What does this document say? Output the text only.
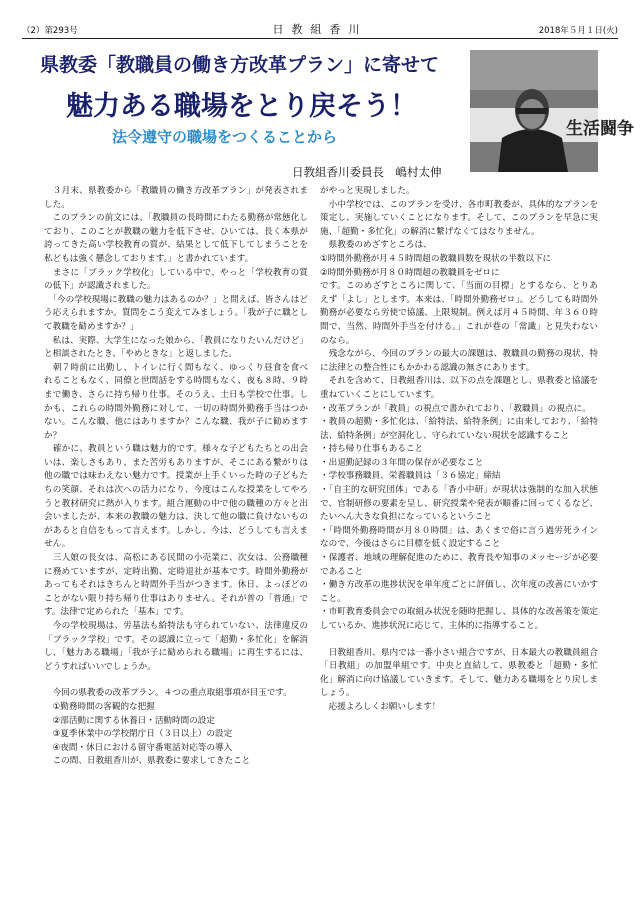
（2）第293号	日教組香川	2018年５月１日(火)
県教委「教職員の働き方改革プラン」に寄せて
魅力ある職場をとり戻そう！
法令遵守の職場をつくることから
日教組香川委員長　嶋村太伸
生活闘争

　３月末、県教委から「教職員の働き方改革プラン」が発表されました。

　このプランの前文には、「教職員の長時間にわたる勤務が常態化しており、このことが教職の魅力を低下させ、ひいては、長く本県が誇ってきた高い学校教育の質が、結果として低下してしまうことを私どもは強く懸念しております。」と書かれています。

　まさに「ブラック学校化」している中で、やっと「学校教育の質の低下」が認識されました。

　「今の学校現場に教職の魅力はあるのか？」と問えば、皆さんはどう応えられますか。質問をこう変えてみましょう。「我が子に職として教職を勧めますか？」

　私は、実際、大学生になった娘から、「教員になりたいんだけど」と相談されたとき、「やめときな」と返しました。

　朝７時前に出勤し、トイレに行く間もなく、ゆっくり昼食を食べれることもなく、同僚と世間話をする時間もなく、夜も８時、９時まで働き、さらに持ち帰り仕事。そのうえ、土日も学校で仕事。しかも、これらの時間外勤務に対して、一切の時間外勤務手当はつかない。こんな職、他にはありますか？こんな職、我が子に勧めますか？

　確かに、教員という職は魅力的です。様々な子どもたちとの出会いは、楽しさもあり、また苦労もありますが、そこにある繋がりは他の職では味わえない魅力です。授業が上手くいった時の子どもたちの笑顔、それは次への活力になり、今度はこんな授業をしてやろうと教材研究に熱が入ります。組合運動の中で他の職種の方々と出会いましたが、本来の教職の魅力は、決して他の職に負けないものがあると自信をもって言えます。しかし、今は、どうしても言えません。

　三人娘の長女は、高松にある民間の小売業に、次女は、公務職種に務めていますが、定時出勤、定時退社が基本です。時間外勤務があってもそれはきちんと時間外手当がつきます。休日、よっぽどのことがない限り持ち帰り仕事はありません。それが普の「普通」です。法律で定められた「基本」です。

　今の学校現場は、労基法も給特法も守られていない、法律違反の「ブラック学校」です。その認識に立って「超勤・多忙化」を解消し、「魅力ある職場」「我が子に勧められる職場」に再生するには、どうすればいいでしょうか。

　今回の県教委の改革プラン。４つの重点取組事項が目玉です。

　①勤務時間の客観的な把握

　②部活動に関する休養日・活動時間の設定

　③夏季休業中の学校閉庁日（３日以上）の設定

　④夜間・休日における留守番電話対応等の導入

　この間、日教組香川が、県教委に要求してきたこと

がやっと実現しました。

　小中学校では、このプランを受け、各市町教委が、具体的なプランを策定し、実施していくことになります。そして、このプランを早急に実施、「超勤・多忙化」の解消に繋げなくてはなりません。

　県教委のめざすところは、

①時間外勤務が月４５時間超の教職員数を現状の半数以下に

②時間外勤務が月８０時間超の教職員をゼロに

です。このめざすところに関して、「当面の目標」とするなら、とりあえず「よし」とします。本来は、「時間外勤務ゼロ」。どうしても時間外勤務が必要なら労使で協議、上限規制。例えば月４５時間、年３６０時間で、当然、時間外手当を付ける。」これが巷の「常識」と見失わないのなら。

　残念ながら、今回のプランの最大の課題は、教職員の勤務の現状、特に法律との整合性にもかかわる認識の無さにあります。

　それを含めて、日教組香川は、以下の点を課題とし、県教委と協議を重ねていくことにしています。

・改革プランが「教員」の視点で書かれており、「教職員」の視点に。

・教員の超勤・多忙化は、「給特法、給特条例」に由来しており、「給特法、給特条例」が空洞化し、守られていない現状を認識すること

・持ち帰り仕事もあること

・出退勤記録の３年間の保存が必要なこと

・学校事務職員、栄養職員は「３６協定」締結

・「自主的な研究団体」である「香小中研」が現状は強制的な加入状態で、官制研修の要素を呈し、研究授業や発表が順番に回ってくるなど、たいへん大きな負担になっているということ

・「時間外勤務時間が月８０時間」は、あくまで俗に言う過労死ラインなので、今後はさらに目標を低く設定すること

・保護者、地域の理解促進のために、教育長や知事のメッセージが必要であること

・働き方改革の進捗状況を単年度ごとに評価し、次年度の改善にいかすこと。

・市町教育委員会での取組み状況を随時把握し、具体的な改善策を策定しているか、進捗状況に応じて、主体的に指導すること。

　日教組香川、県内では一番小さい組合ですが、日本最大の教職員組合「日教組」の加盟単組です。中央と直結して、県教委と「超勤・多忙化」解消に向け協議していきます。そして、魅力ある職場をとり戻しましょう。

　応援よろしくお願いします！
